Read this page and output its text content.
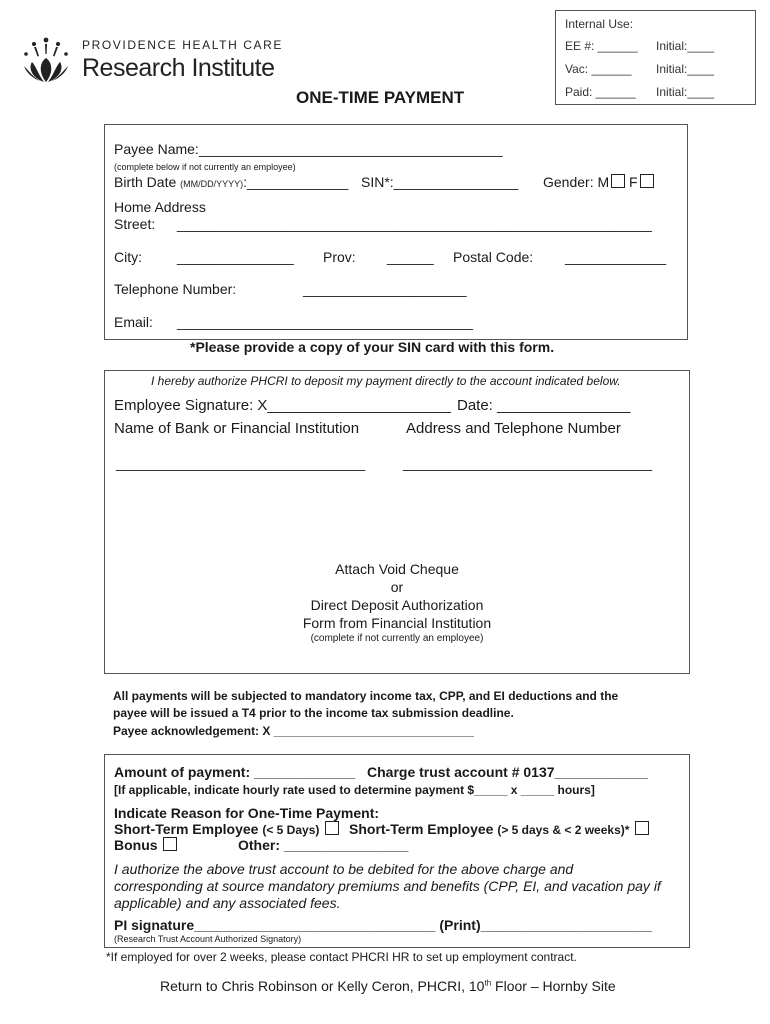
PROVIDENCE HEALTH CARE
Research Institute
Internal Use:
EE #: ______ Initial:____
Vac: ______ Initial:____
Paid: ______ Initial:____
ONE-TIME PAYMENT
Payee Name:_______________________________________
(complete below if not currently an employee)
Birth Date (MM/DD/YYYY):_____________ SIN*:________________ Gender: M F
Home Address
Street: _____________________________________________________________
City:	_______________ Prov: ______ Postal Code: _____________
Telephone Number:	_____________________
Email: ______________________________________
*Please provide a copy of your SIN card with this form.
I hereby authorize PHCRI to deposit my payment directly to the account indicated below.
Employee Signature: X______________________ Date: ________________
Name of Bank or Financial Institution	Address and Telephone Number
________________________________	________________________________
Attach Void Cheque
or
Direct Deposit Authorization
Form from Financial Institution
(complete if not currently an employee)
All payments will be subjected to mandatory income tax, CPP, and EI deductions and the
payee will be issued a T4 prior to the income tax submission deadline.
Payee acknowledgement: X ______________________________
Amount of payment: _____________ Charge trust account # 0137____________
[If applicable, indicate hourly rate used to determine payment $_____ x _____ hours]
Indicate Reason for One-Time Payment:
Short-Term Employee (< 5 Days)	Short-Term Employee (> 5 days & < 2 weeks)*
Bonus	Other: ________________
I authorize the above trust account to be debited for the above charge and
corresponding at source mandatory premiums and benefits (CPP, EI, and vacation pay if
applicable) and any associated fees.
PI signature_______________________________ (Print)______________________
(Research Trust Account Authorized Signatory)
*If employed for over 2 weeks, please contact PHCRI HR to set up employment contract.
Return to Chris Robinson or Kelly Ceron, PHCRI, 10th Floor – Hornby Site
